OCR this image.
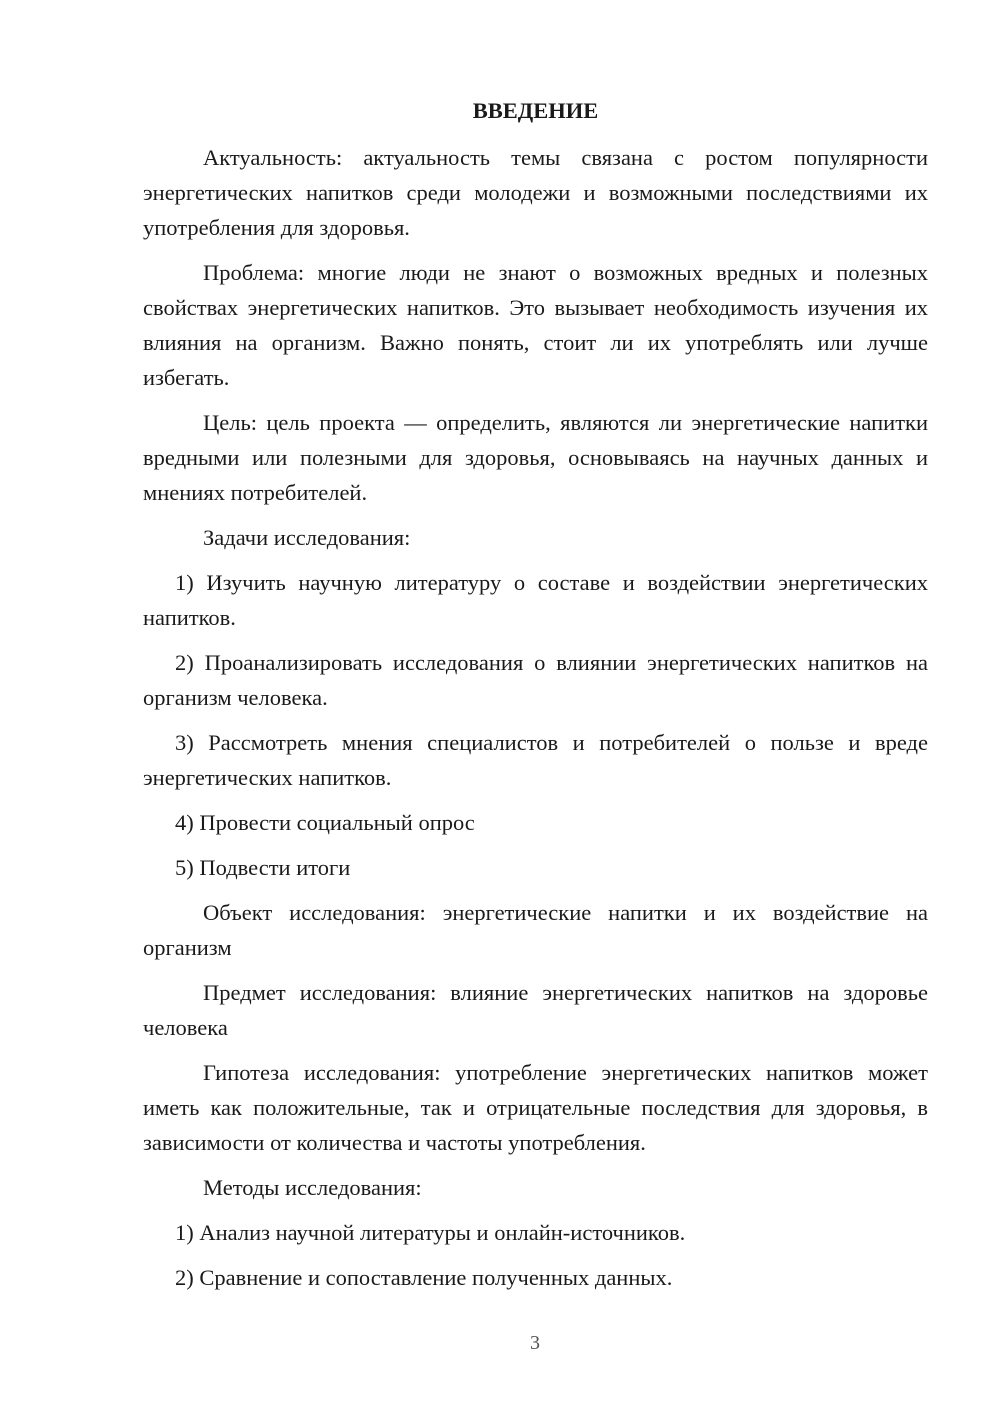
ВВЕДЕНИЕ

Актуальность: актуальность темы связана с ростом популярности энергетических напитков среди молодежи и возможными последствиями их употребления для здоровья.

Проблема: многие люди не знают о возможных вредных и полезных свойствах энергетических напитков. Это вызывает необходимость изучения их влияния на организм. Важно понять, стоит ли их употреблять или лучше избегать.

Цель: цель проекта — определить, являются ли энергетические напитки вредными или полезными для здоровья, основываясь на научных данных и мнениях потребителей.

Задачи исследования:

1) Изучить научную литературу о составе и воздействии энергетических напитков.

2) Проанализировать исследования о влиянии энергетических напитков на организм человека.

3) Рассмотреть мнения специалистов и потребителей о пользе и вреде энергетических напитков.

4) Провести социальный опрос

5) Подвести итоги

Объект исследования: энергетические напитки и их воздействие на организм

Предмет исследования: влияние энергетических напитков на здоровье человека

Гипотеза исследования: употребление энергетических напитков может иметь как положительные, так и отрицательные последствия для здоровья, в зависимости от количества и частоты употребления.

Методы исследования:

1) Анализ научной литературы и онлайн-источников.

2) Сравнение и сопоставление полученных данных.

3
